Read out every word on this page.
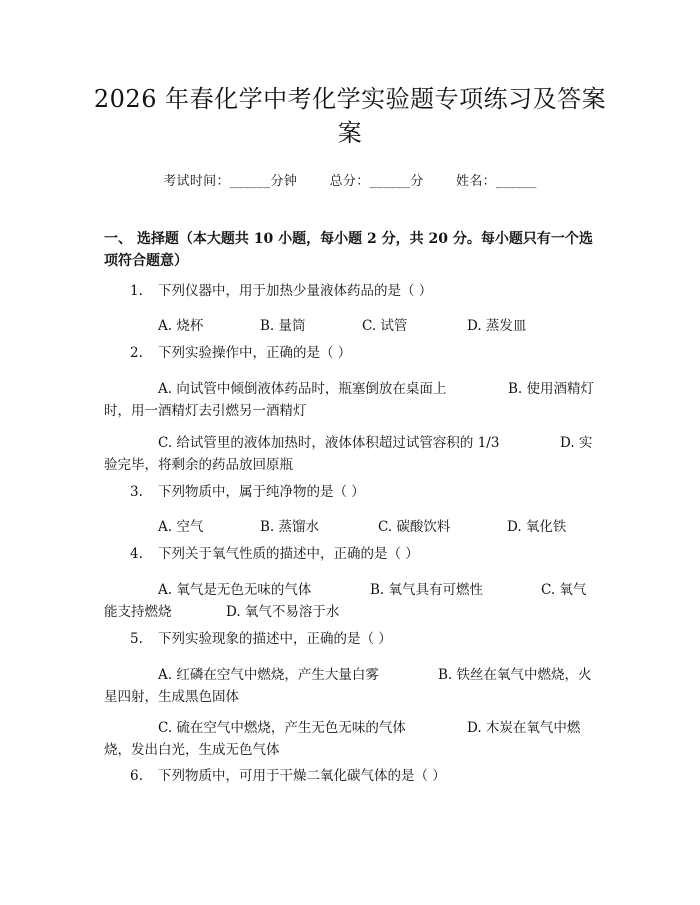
2026 年春化学中考化学实验题专项练习及答案
案
考试时间：______分钟 总分：______分 姓名：______
一、 选择题（本大题共 10 小题，每小题 2 分，共 20 分。每小题只有一个选项符合题意）
1. 下列仪器中，用于加热少量液体药品的是（ ）
A. 烧杯	B. 量筒	C. 试管	D. 蒸发皿
2. 下列实验操作中，正确的是（ ）
A. 向试管中倾倒液体药品时，瓶塞倒放在桌面上	B. 使用酒精灯
时，用一酒精灯去引燃另一酒精灯
C. 给试管里的液体加热时，液体体积超过试管容积的 1/3	D. 实
验完毕，将剩余的药品放回原瓶
3. 下列物质中，属于纯净物的是（ ）
A. 空气	B. 蒸馏水	C. 碳酸饮料	D. 氧化铁
4. 下列关于氧气性质的描述中，正确的是（ ）
A. 氧气是无色无味的气体	B. 氧气具有可燃性	C. 氧气
能支持燃烧	D. 氧气不易溶于水
5. 下列实验现象的描述中，正确的是（ ）
A. 红磷在空气中燃烧，产生大量白雾	B. 铁丝在氧气中燃烧，火
星四射，生成黑色固体
C. 硫在空气中燃烧，产生无色无味的气体	D. 木炭在氧气中燃
烧，发出白光，生成无色气体
6. 下列物质中，可用于干燥二氧化碳气体的是（ ）
